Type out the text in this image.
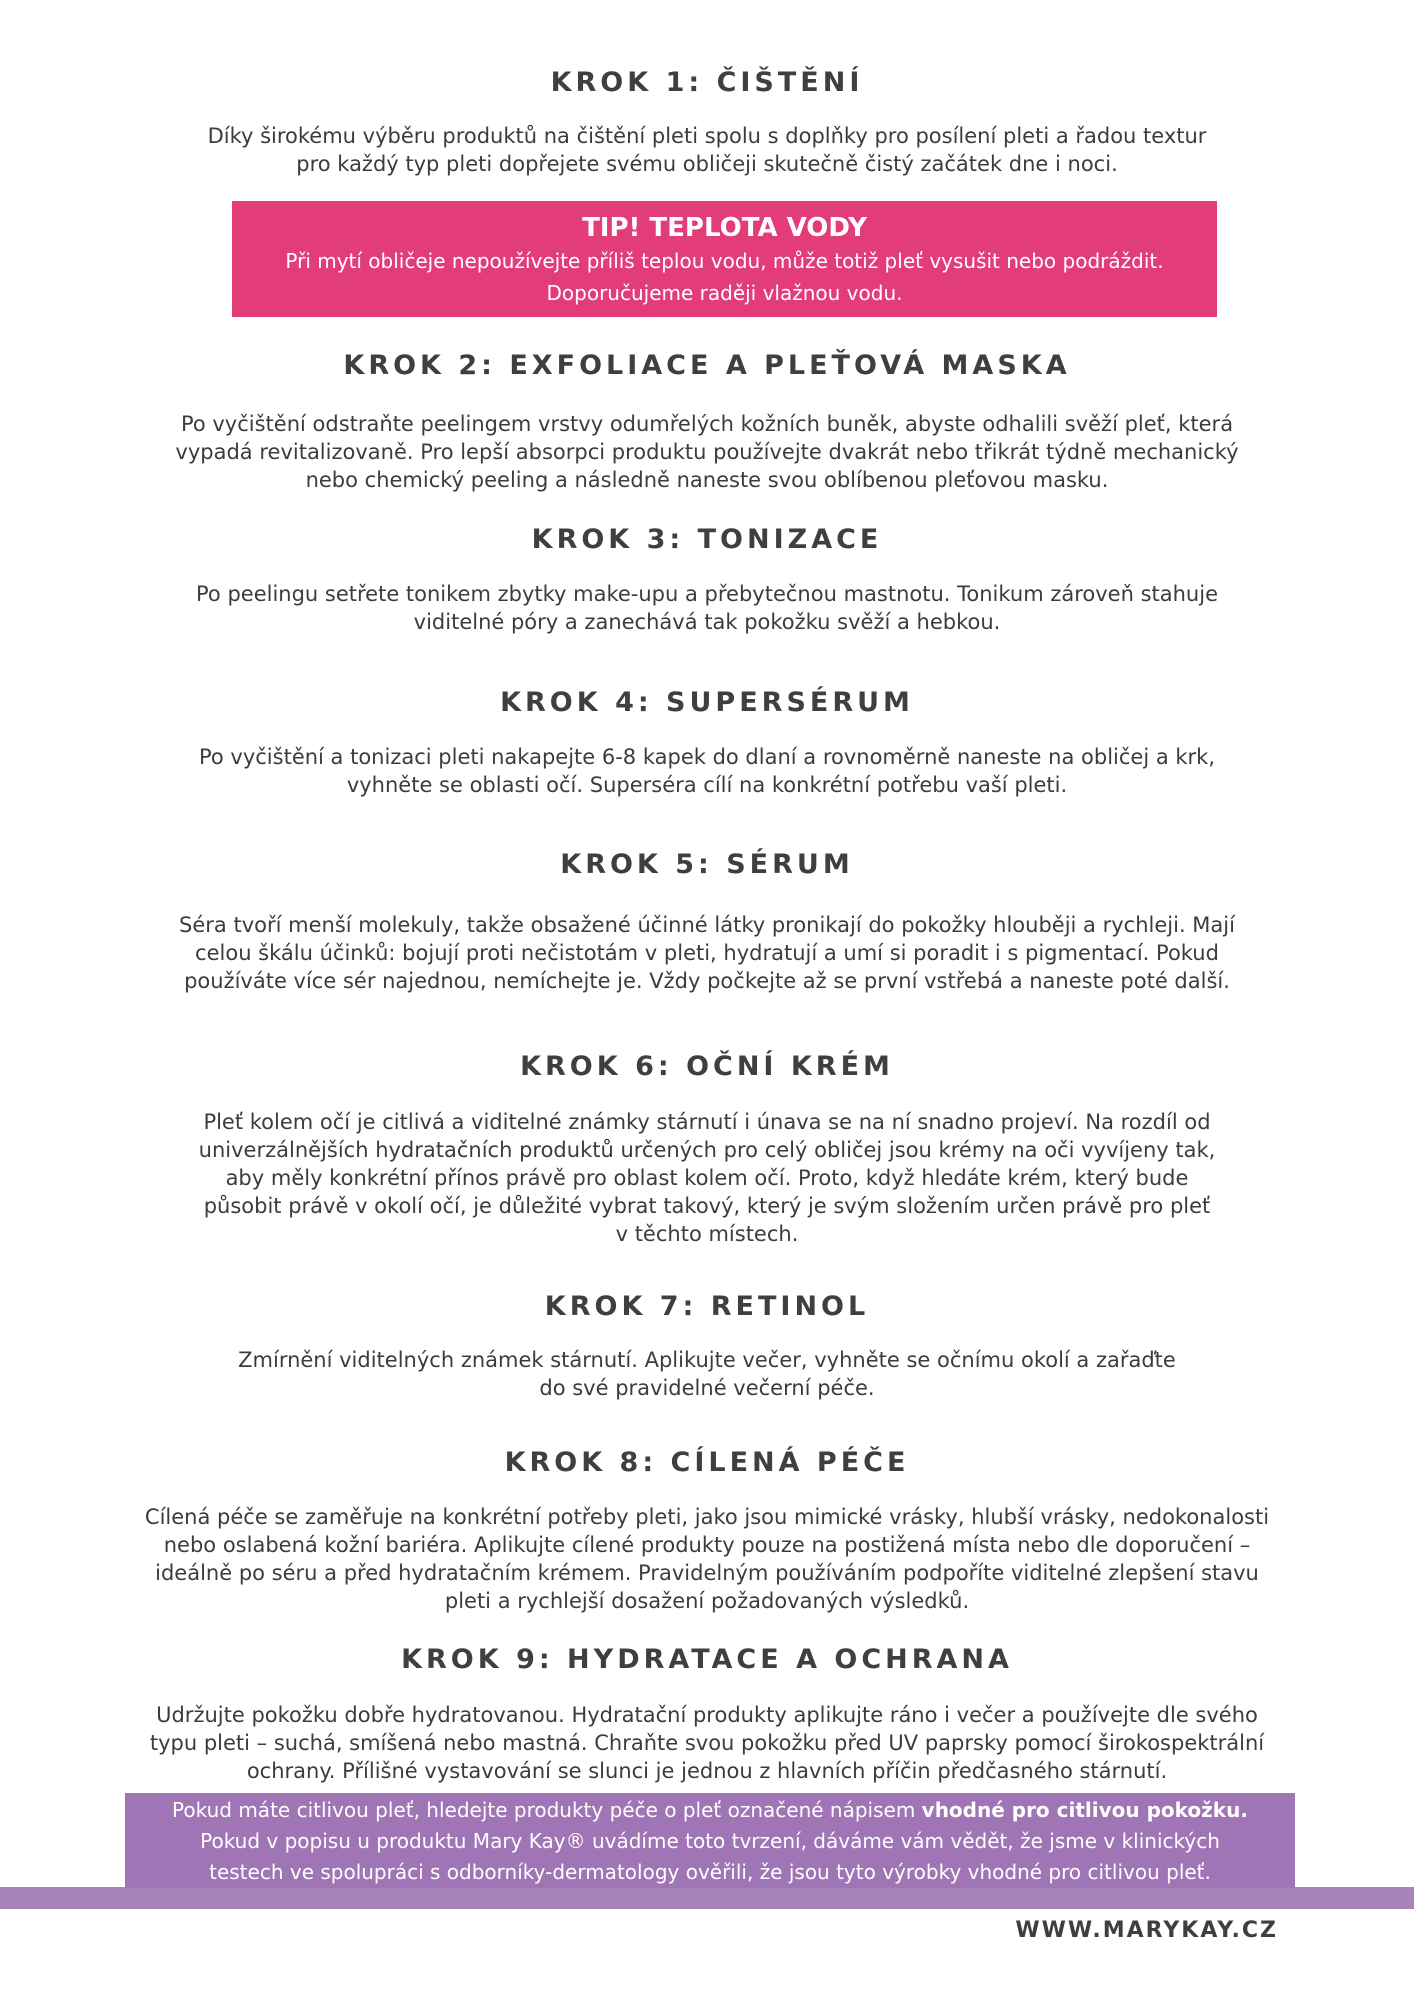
KROK 1: ČIŠTĚNÍ

Díky širokému výběru produktů na čištění pleti spolu s doplňky pro posílení pleti a řadou textur
pro každý typ pleti dopřejete svému obličeji skutečně čistý začátek dne i noci.

TIP! TEPLOTA VODY

Při mytí obličeje nepoužívejte příliš teplou vodu, může totiž pleť vysušit nebo podráždit.
Doporučujeme raději vlažnou vodu.

KROK 2: EXFOLIACE A PLEŤOVÁ MASKA

Po vyčištění odstraňte peelingem vrstvy odumřelých kožních buněk, abyste odhalili svěží pleť, která
vypadá revitalizovaně. Pro lepší absorpci produktu používejte dvakrát nebo třikrát týdně mechanický
nebo chemický peeling a následně naneste svou oblíbenou pleťovou masku.

KROK 3: TONIZACE

Po peelingu setřete tonikem zbytky make-upu a přebytečnou mastnotu. Tonikum zároveň stahuje
viditelné póry a zanechává tak pokožku svěží a hebkou.

KROK 4: SUPERSÉRUM

Po vyčištění a tonizaci pleti nakapejte 6-8 kapek do dlaní a rovnoměrně naneste na obličej a krk,
vyhněte se oblasti očí. Superséra cílí na konkrétní potřebu vaší pleti.

KROK 5: SÉRUM

Séra tvoří menší molekuly, takže obsažené účinné látky pronikají do pokožky hlouběji a rychleji. Mají
celou škálu účinků: bojují proti nečistotám v pleti, hydratují a umí si poradit i s pigmentací. Pokud
používáte více sér najednou, nemíchejte je. Vždy počkejte až se první vstřebá a naneste poté další.

KROK 6: OČNÍ KRÉM

Pleť kolem očí je citlivá a viditelné známky stárnutí i únava se na ní snadno projeví. Na rozdíl od
univerzálnějších hydratačních produktů určených pro celý obličej jsou krémy na oči vyvíjeny tak,
aby měly konkrétní přínos právě pro oblast kolem očí. Proto, když hledáte krém, který bude
působit právě v okolí očí, je důležité vybrat takový, který je svým složením určen právě pro pleť
v těchto místech.

KROK 7: RETINOL

Zmírnění viditelných známek stárnutí. Aplikujte večer, vyhněte se očnímu okolí a zařaďte
do své pravidelné večerní péče.

KROK 8: CÍLENÁ PÉČE

Cílená péče se zaměřuje na konkrétní potřeby pleti, jako jsou mimické vrásky, hlubší vrásky, nedokonalosti
nebo oslabená kožní bariéra. Aplikujte cílené produkty pouze na postižená místa nebo dle doporučení –
ideálně po séru a před hydratačním krémem. Pravidelným používáním podpoříte viditelné zlepšení stavu
pleti a rychlejší dosažení požadovaných výsledků.

KROK 9: HYDRATACE A OCHRANA

Udržujte pokožku dobře hydratovanou. Hydratační produkty aplikujte ráno i večer a používejte dle svého
typu pleti – suchá, smíšená nebo mastná. Chraňte svou pokožku před UV paprsky pomocí širokospektrální
ochrany. Přílišné vystavování se slunci je jednou z hlavních příčin předčasného stárnutí.

Pokud máte citlivou pleť, hledejte produkty péče o pleť označené nápisem vhodné pro citlivou pokožku.
Pokud v popisu u produktu Mary Kay® uvádíme toto tvrzení, dáváme vám vědět, že jsme v klinických
testech ve spolupráci s odborníky-dermatology ověřili, že jsou tyto výrobky vhodné pro citlivou pleť.
WWW.MARYKAY.CZ
